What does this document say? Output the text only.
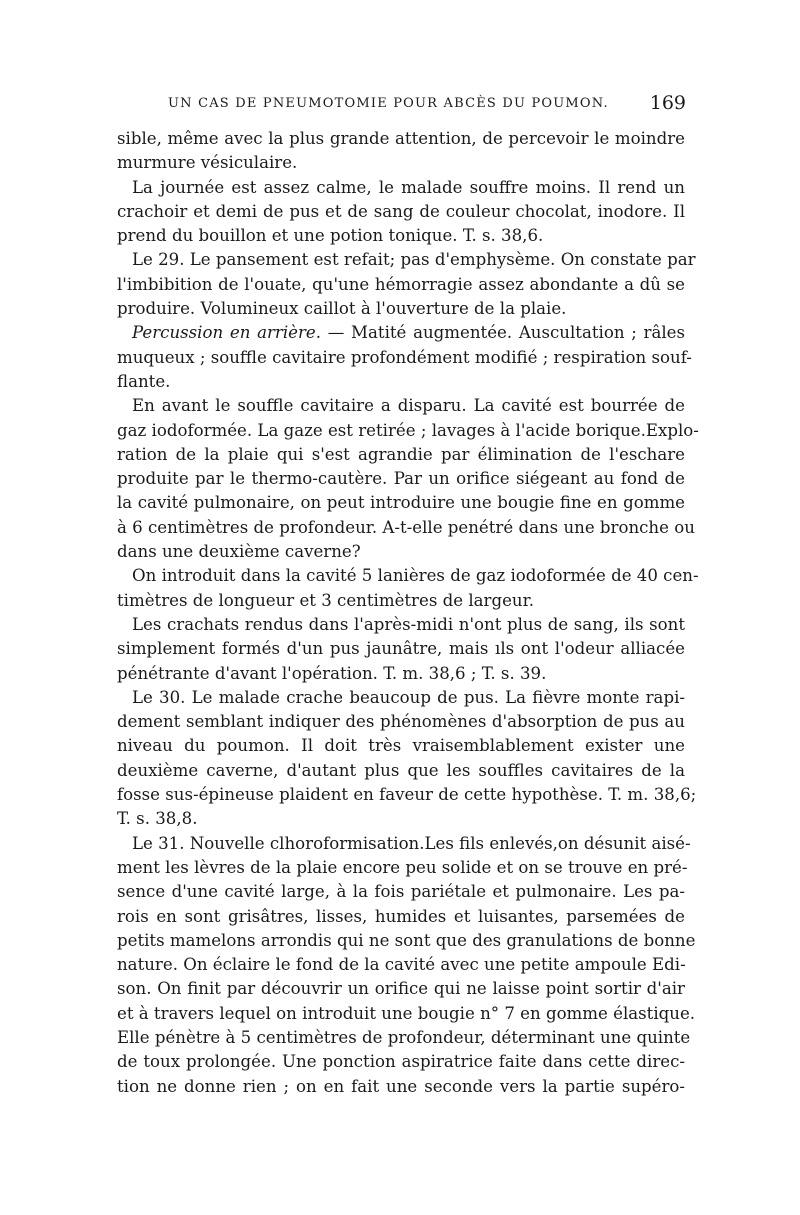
UN CAS DE PNEUMOTOMIE POUR ABCÈS DU POUMON. 169
sible, même avec la plus grande attention, de percevoir le moindre
murmure vésiculaire.
La journée est assez calme, le malade souffre moins. Il rend un
crachoir et demi de pus et de sang de couleur chocolat, inodore. Il
prend du bouillon et une potion tonique. T. s. 38,6.
Le 29. Le pansement est refait; pas d'emphysème. On constate par
l'imbibition de l'ouate, qu'une hémorragie assez abondante a dû se
produire. Volumineux caillot à l'ouverture de la plaie.
Percussion en arrière. — Matité augmentée. Auscultation ; râles
muqueux ; souffle cavitaire profondément modifié ; respiration souf-
flante.
En avant le souffle cavitaire a disparu. La cavité est bourrée de
gaz iodoformée. La gaze est retirée ; lavages à l'acide borique.Explo-
ration de la plaie qui s'est agrandie par élimination de l'eschare
produite par le thermo-cautère. Par un orifice siégeant au fond de
la cavité pulmonaire, on peut introduire une bougie fine en gomme
à 6 centimètres de profondeur. A-t-elle penétré dans une bronche ou
dans une deuxième caverne?
On introduit dans la cavité 5 lanières de gaz iodoformée de 40 cen-
timètres de longueur et 3 centimètres de largeur.
Les crachats rendus dans l'après-midi n'ont plus de sang, ils sont
simplement formés d'un pus jaunâtre, mais ıls ont l'odeur alliacée
pénétrante d'avant l'opération. T. m. 38,6 ; T. s. 39.
Le 30. Le malade crache beaucoup de pus. La fièvre monte rapi-
dement semblant indiquer des phénomènes d'absorption de pus au
niveau du poumon. Il doit très vraisemblablement exister une
deuxième caverne, d'autant plus que les souffles cavitaires de la
fosse sus-épineuse plaident en faveur de cette hypothèse. T. m. 38,6;
T. s. 38,8.
Le 31. Nouvelle clhoroformisation.Les fils enlevés,on désunit aisé-
ment les lèvres de la plaie encore peu solide et on se trouve en pré-
sence d'une cavité large, à la fois pariétale et pulmonaire. Les pa-
rois en sont grisâtres, lisses, humides et luisantes, parsemées de
petits mamelons arrondis qui ne sont que des granulations de bonne
nature. On éclaire le fond de la cavité avec une petite ampoule Edi-
son. On finit par découvrir un orifice qui ne laisse point sortir d'air
et à travers lequel on introduit une bougie n° 7 en gomme élastique.
Elle pénètre à 5 centimètres de profondeur, déterminant une quinte
de toux prolongée. Une ponction aspiratrice faite dans cette direc-
tion ne donne rien ; on en fait une seconde vers la partie supéro-
